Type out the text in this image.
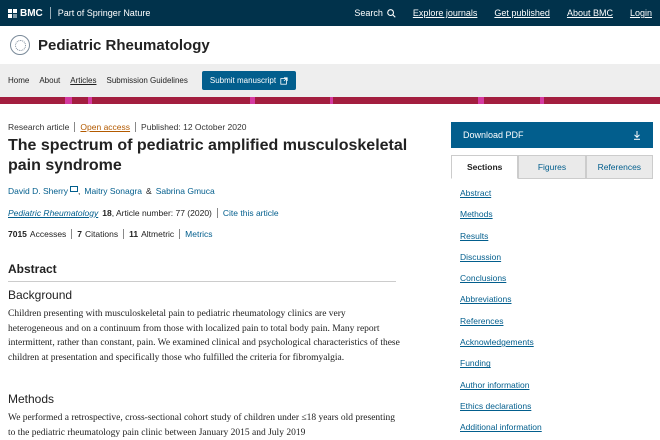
BMC Part of Springer Nature	Search	Explore journals Get published About BMC Login
Pediatric Rheumatology
Home About Articles Submission Guidelines	Submit manuscript
Research article Open access Published: 12 October 2020
The spectrum of pediatric amplified musculoskeletal pain syndrome
David D. Sherry , Maitry Sonagra & Sabrina Gmuca
Pediatric Rheumatology 18 , Article number: 77 (2020) Cite this article
7015 Accesses 7 Citations 11 Altmetric Metrics
Abstract
Background
Children presenting with musculoskeletal pain to pediatric rheumatology clinics are very heterogeneous and on a continuum from those with localized pain to total body pain. Many report intermittent, rather than constant, pain. We examined clinical and psychological characteristics of these children at presentation and specifically those who fulfilled the criteria for fibromyalgia.
Methods
We performed a retrospective, cross-sectional cohort study of children under ≤18 years old presenting to the pediatric rheumatology pain clinic between January 2015 and July 2019
Download PDF
Sections	Figures	References
Abstract
Methods
Results
Discussion
Conclusions
Abbreviations
References
Acknowledgements
Funding
Author information
Ethics declarations
Additional information
